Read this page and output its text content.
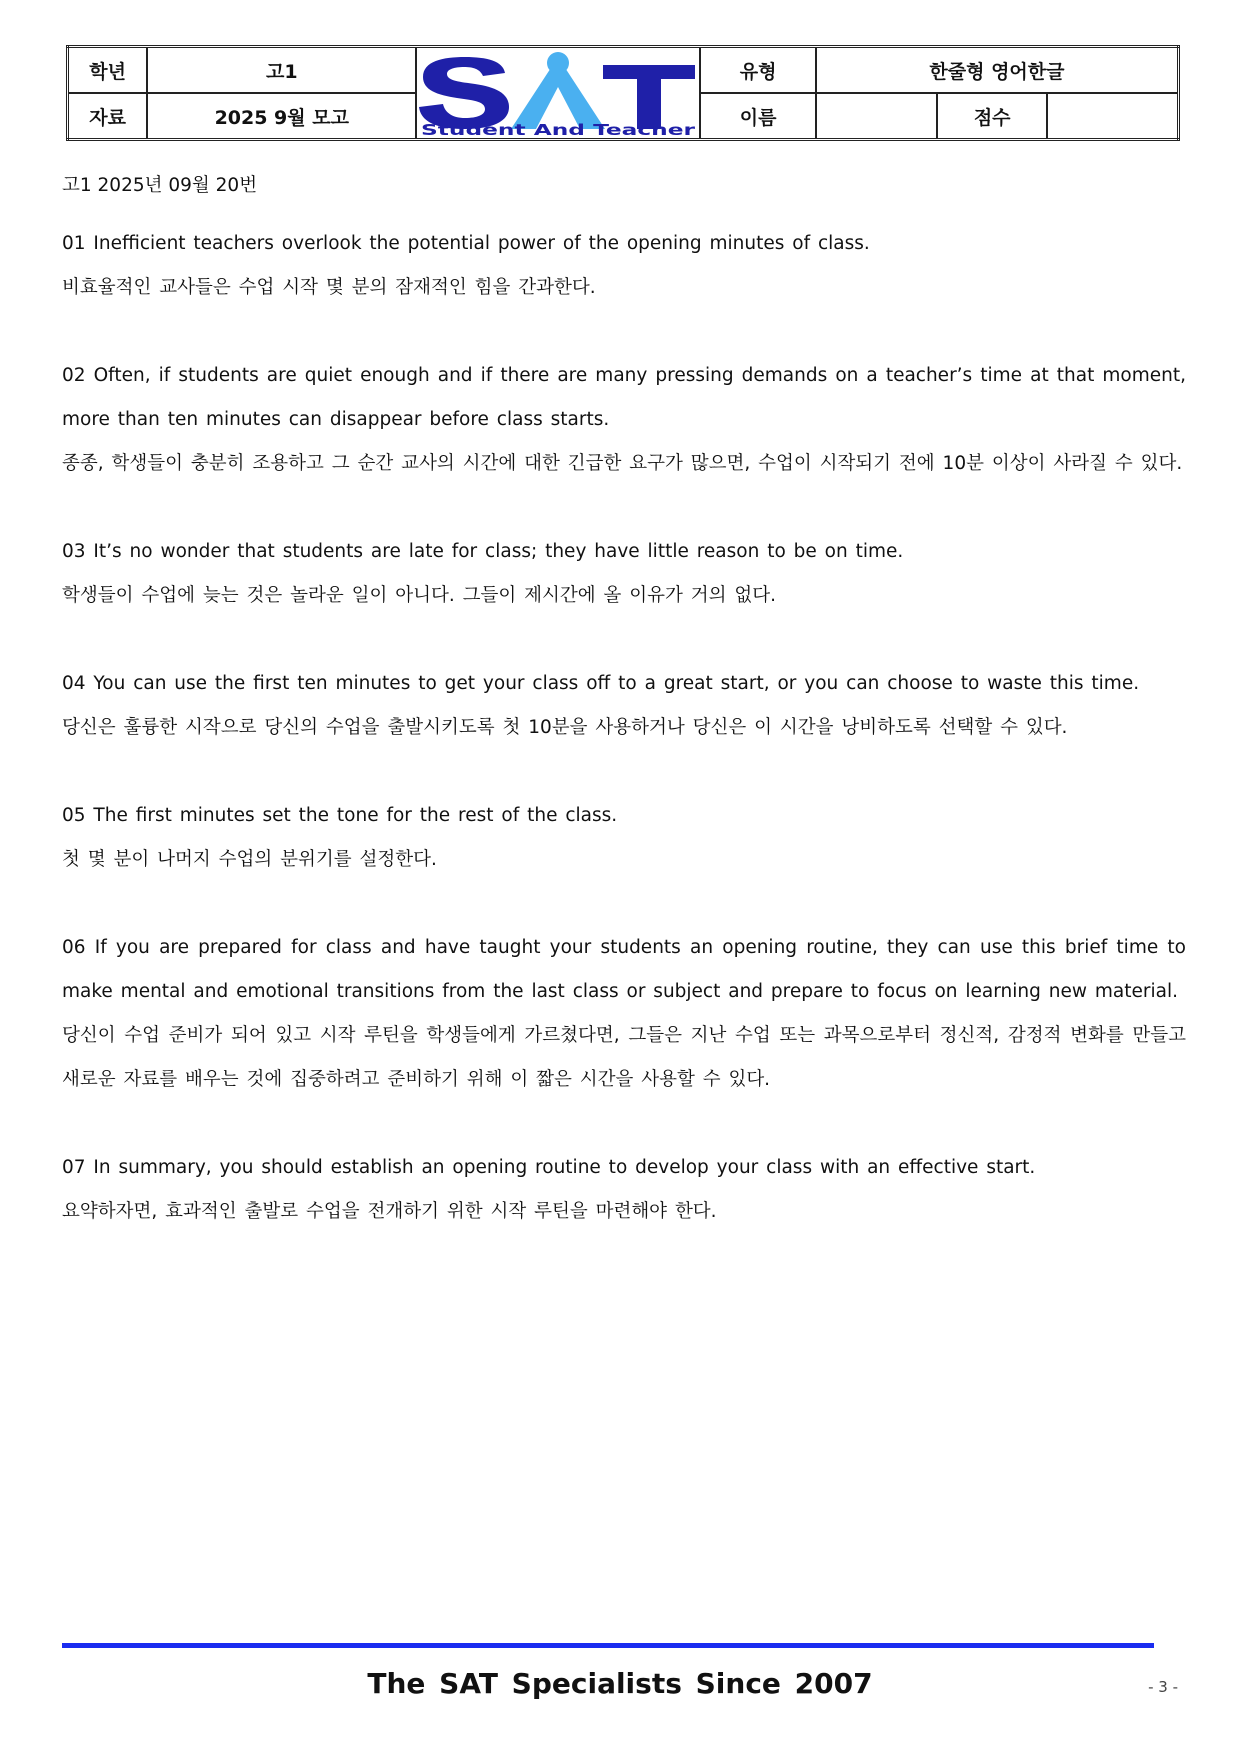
학년	고1	Student And Teacher	유형	한줄형 영어한글		
자료	2025 9월 모고		이름		점수	
고1 2025년 09월 20번
01 Inefficient teachers overlook the potential power of the opening minutes of class.
비효율적인 교사들은 수업 시작 몇 분의 잠재적인 힘을 간과한다.
02 Often, if students are quiet enough and if there are many pressing demands on a teacher’s time at that moment, more than ten minutes can disappear before class starts.
종종, 학생들이 충분히 조용하고 그 순간 교사의 시간에 대한 긴급한 요구가 많으면, 수업이 시작되기 전에 10분 이상이 사라질 수 있다.
03 It’s no wonder that students are late for class; they have little reason to be on time.
학생들이 수업에 늦는 것은 놀라운 일이 아니다. 그들이 제시간에 올 이유가 거의 없다.
04 You can use the first ten minutes to get your class off to a great start, or you can choose to waste this time.
당신은 훌륭한 시작으로 당신의 수업을 출발시키도록 첫 10분을 사용하거나 당신은 이 시간을 낭비하도록 선택할 수 있다.
05 The first minutes set the tone for the rest of the class.
첫 몇 분이 나머지 수업의 분위기를 설정한다.
06 If you are prepared for class and have taught your students an opening routine, they can use this brief time to make mental and emotional transitions from the last class or subject and prepare to focus on learning new material.
당신이 수업 준비가 되어 있고 시작 루틴을 학생들에게 가르쳤다면, 그들은 지난 수업 또는 과목으로부터 정신적, 감정적 변화를 만들고 새로운 자료를 배우는 것에 집중하려고 준비하기 위해 이 짧은 시간을 사용할 수 있다.
07 In summary, you should establish an opening routine to develop your class with an effective start.
요약하자면, 효과적인 출발로 수업을 전개하기 위한 시작 루틴을 마련해야 한다.
The SAT Specialists Since 2007	- 3 -
